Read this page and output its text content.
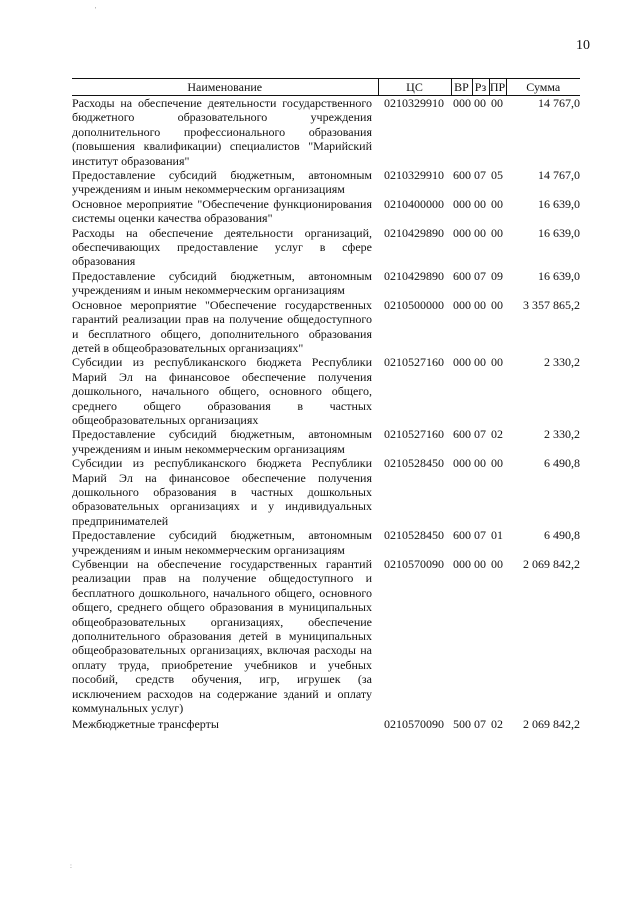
'
:
10
Наименование	ЦС	ВР	Рз	ПР	Сумма
Расходы на обеспечение деятельности государственного бюджетного образовательного учреждения дополнительного профессионального образования (повышения квалификации) специалистов "Марийский институт образования"	0210329910	000	00	00	14 767,0
Предоставление субсидий бюджетным, автономным учреждениям и иным некоммерческим организациям	0210329910	600	07	05	14 767,0
Основное мероприятие "Обеспечение функционирования системы оценки качества образования"	0210400000	000	00	00	16 639,0
Расходы на обеспечение деятельности организаций, обеспечивающих предоставление услуг в сфере образования	0210429890	000	00	00	16 639,0
Предоставление субсидий бюджетным, автономным учреждениям и иным некоммерческим организациям	0210429890	600	07	09	16 639,0
Основное мероприятие "Обеспечение государственных гарантий реализации прав на получение общедоступного и бесплатного общего, дополнительного образования детей в общеобразовательных организациях"	0210500000	000	00	00	3 357 865,2
Субсидии из республиканского бюджета Республики Марий Эл на финансовое обеспечение получения дошкольного, начального общего, основного общего, среднего общего образования в частных общеобразовательных организациях	0210527160	000	00	00	2 330,2
Предоставление субсидий бюджетным, автономным учреждениям и иным некоммерческим организациям	0210527160	600	07	02	2 330,2
Субсидии из республиканского бюджета Республики Марий Эл на финансовое обеспечение получения дошкольного образования в частных дошкольных образовательных организациях и у индивидуальных предпринимателей	0210528450	000	00	00	6 490,8
Предоставление субсидий бюджетным, автономным учреждениям и иным некоммерческим организациям	0210528450	600	07	01	6 490,8
Субвенции на обеспечение государственных гарантий реализации прав на получение общедоступного и бесплатного дошкольного, начального общего, основного общего, среднего общего образования в муниципальных общеобразовательных организациях, обеспечение дополнительного образования детей в муниципальных общеобразовательных организациях, включая расходы на оплату труда, приобретение учебников и учебных пособий, средств обучения, игр, игрушек (за исключением расходов на содержание зданий и оплату коммунальных услуг)	0210570090	000	00	00	2 069 842,2
Межбюджетные трансферты	0210570090	500	07	02	2 069 842,2
